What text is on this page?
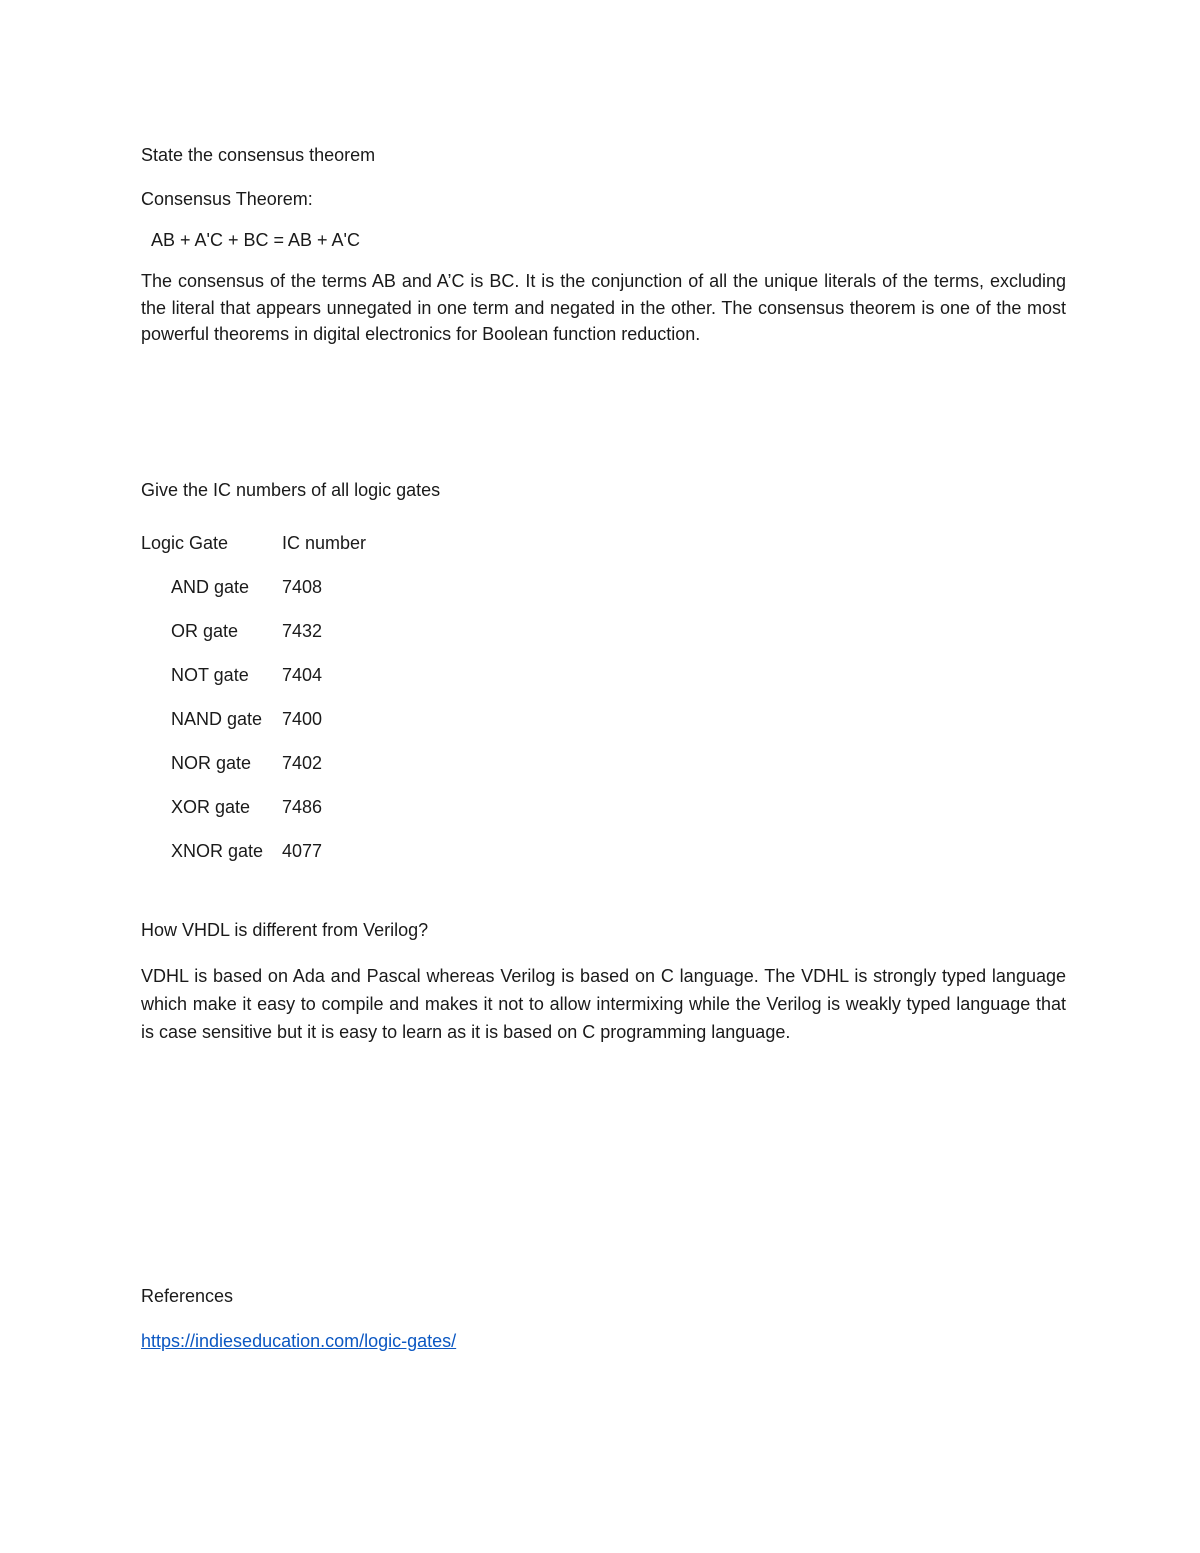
State the consensus theorem
Consensus Theorem:
AB + A'C + BC = AB + A'C
The consensus of the terms AB and A’C is BC. It is the conjunction of all the unique literals of the terms, excluding the literal that appears unnegated in one term and negated in the other. The consensus theorem is one of the most powerful theorems in digital electronics for Boolean function reduction.
Give the IC numbers of all logic gates
Logic Gate	IC number
AND gate	7408
OR gate	7432
NOT gate	7404
NAND gate	7400
NOR gate	7402
XOR gate	7486
XNOR gate	4077
How VHDL is different from Verilog?
VDHL is based on Ada and Pascal whereas Verilog is based on C language. The VDHL is strongly typed language which make it easy to compile and makes it not to allow intermixing while the Verilog is weakly typed language that is case sensitive but it is easy to learn as it is based on C programming language.
References
https://indieseducation.com/logic-gates/
